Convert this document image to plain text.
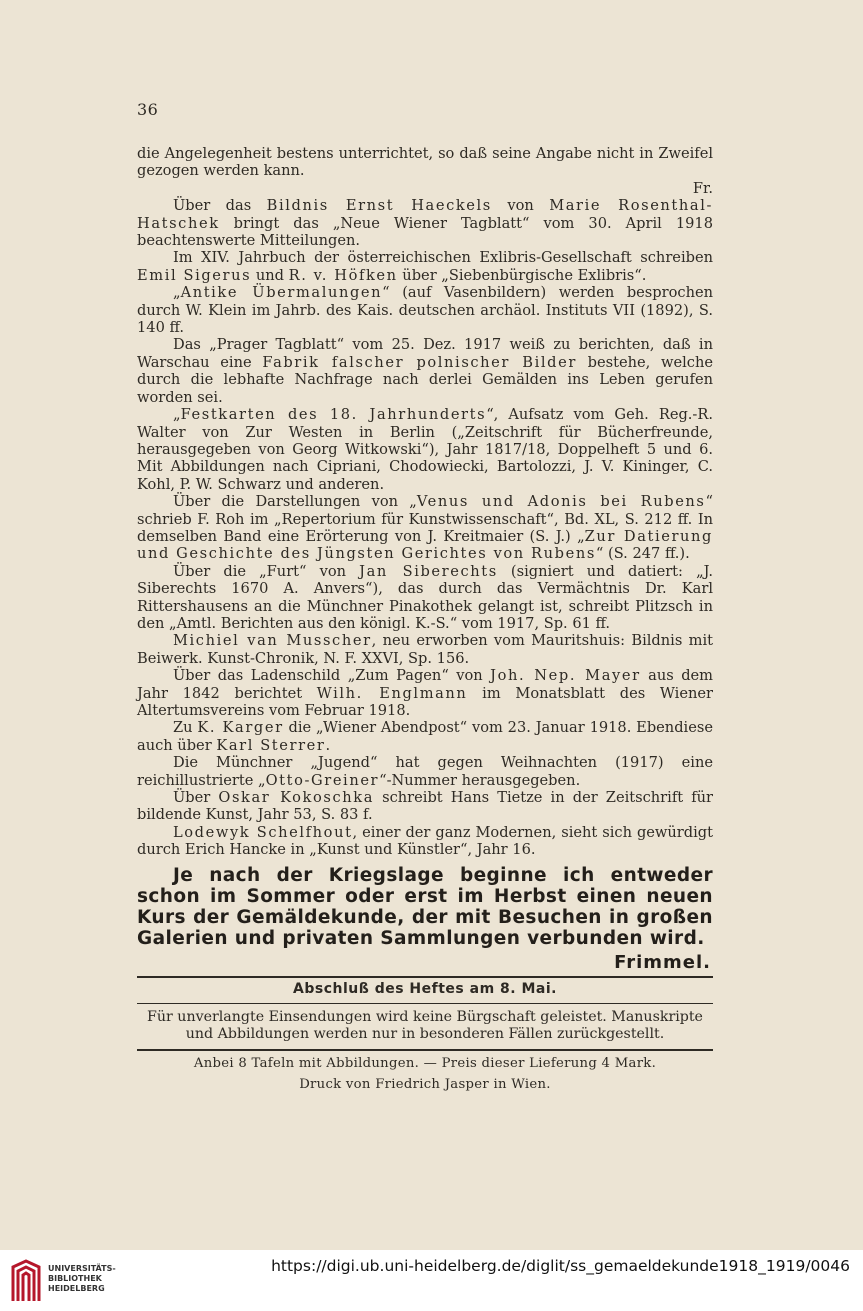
36

die Angelegenheit bestens unterrichtet, so daß seine Angabe nicht in Zweifel gezogen werden kann.
Fr.

Über das Bildnis Ernst Haeckels von Marie Rosenthal-Hatschek bringt das „Neue Wiener Tagblatt“ vom 30. April 1918 beachtenswerte Mitteilungen.

Im XIV. Jahrbuch der österreichischen Exlibris-Gesellschaft schreiben Emil Sigerus und R. v. Höfken über „Siebenbürgische Exlibris“.

„Antike Übermalungen“ (auf Vasenbildern) werden besprochen durch W. Klein im Jahrb. des Kais. deutschen archäol. Instituts VII (1892), S. 140 ff.

Das „Prager Tagblatt“ vom 25. Dez. 1917 weiß zu berichten, daß in Warschau eine Fabrik falscher polnischer Bilder bestehe, welche durch die lebhafte Nachfrage nach derlei Gemälden ins Leben gerufen worden sei.

„Festkarten des 18. Jahrhunderts“, Aufsatz vom Geh. Reg.-R. Walter von Zur Westen in Berlin („Zeitschrift für Bücherfreunde, herausgegeben von Georg Witkowski“), Jahr 1817/18, Doppelheft 5 und 6. Mit Abbildungen nach Cipriani, Chodowiecki, Bartolozzi, J. V. Kininger, C. Kohl, P. W. Schwarz und anderen.

Über die Darstellungen von „Venus und Adonis bei Rubens“ schrieb F. Roh im „Repertorium für Kunstwissenschaft“, Bd. XL, S. 212 ff. In demselben Band eine Erörterung von J. Kreitmaier (S. J.) „Zur Datierung und Geschichte des Jüngsten Gerichtes von Rubens“ (S. 247 ff.).

Über die „Furt“ von Jan Siberechts (signiert und datiert: „J. Siberechts 1670 A. Anvers“), das durch das Vermächtnis Dr. Karl Rittershausens an die Münchner Pinakothek gelangt ist, schreibt Plitzsch in den „Amtl. Berichten aus den königl. K.-S.“ vom 1917, Sp. 61 ff.

Michiel van Musscher, neu erworben vom Mauritshuis: Bildnis mit Beiwerk. Kunst-Chronik, N. F. XXVI, Sp. 156.

Über das Ladenschild „Zum Pagen“ von Joh. Nep. Mayer aus dem Jahr 1842 berichtet Wilh. Englmann im Monatsblatt des Wiener Altertumsvereins vom Februar 1918.

Zu K. Karger die „Wiener Abendpost“ vom 23. Januar 1918. Ebendiese auch über Karl Sterrer.

Die Münchner „Jugend“ hat gegen Weihnachten (1917) eine reichillustrierte „Otto-Greiner“-Nummer herausgegeben.

Über Oskar Kokoschka schreibt Hans Tietze in der Zeitschrift für bildende Kunst, Jahr 53, S. 83 f.

Lodewyk Schelfhout, einer der ganz Modernen, sieht sich gewürdigt durch Erich Hancke in „Kunst und Künstler“, Jahr 16.

Je nach der Kriegslage beginne ich entweder schon im Sommer oder erst im Herbst einen neuen Kurs der Gemäldekunde, der mit Besuchen in großen Galerien und privaten Sammlungen verbunden wird.
Frimmel.
Abschluß des Heftes am 8. Mai.
Für unverlangte Einsendungen wird keine Bürgschaft geleistet. Manuskripte und Abbildungen werden nur in besonderen Fällen zurückgestellt.
Anbei 8 Tafeln mit Abbildungen. — Preis dieser Lieferung 4 Mark.
Druck von Friedrich Jasper in Wien.
UNIVERSITÄTS-
BIBLIOTHEK
HEIDELBERG
https://digi.ub.uni-heidelberg.de/diglit/ss_gemaeldekunde1918_1919/0046
